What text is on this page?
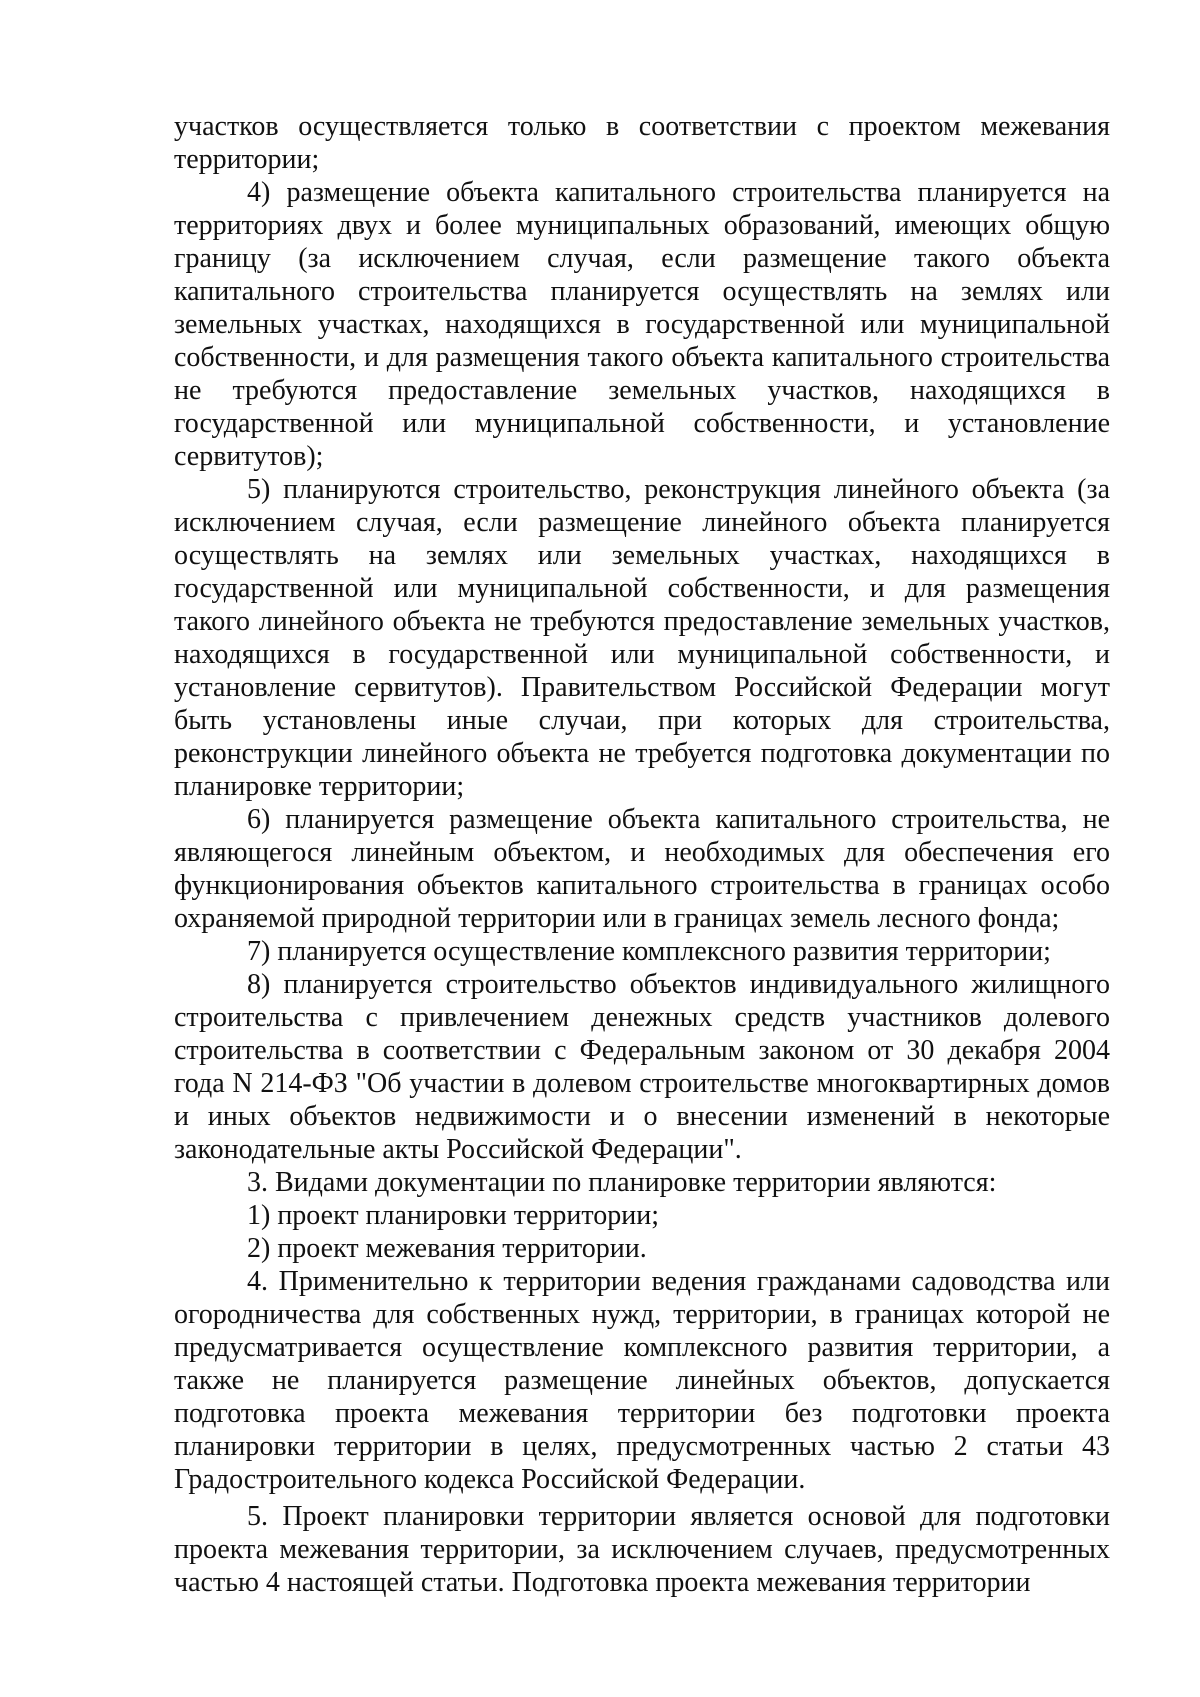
участков осуществляется только в соответствии с проектом межевания территории;

4) размещение объекта капитального строительства планируется на территориях двух и более муниципальных образований, имеющих общую границу (за исключением случая, если размещение такого объекта капитального строительства планируется осуществлять на землях или земельных участках, находящихся в государственной или муниципальной собственности, и для размещения такого объекта капитального строительства не требуются предоставление земельных участков, находящихся в государственной или муниципальной собственности, и установление сервитутов);

5) планируются строительство, реконструкция линейного объекта (за исключением случая, если размещение линейного объекта планируется осуществлять на землях или земельных участках, находящихся в государственной или муниципальной собственности, и для размещения такого линейного объекта не требуются предоставление земельных участков, находящихся в государственной или муниципальной собственности, и установление сервитутов). Правительством Российской Федерации могут быть установлены иные случаи, при которых для строительства, реконструкции линейного объекта не требуется подготовка документации по планировке территории;

6) планируется размещение объекта капитального строительства, не являющегося линейным объектом, и необходимых для обеспечения его функционирования объектов капитального строительства в границах особо охраняемой природной территории или в границах земель лесного фонда;

7) планируется осуществление комплексного развития территории;

8) планируется строительство объектов индивидуального жилищного строительства с привлечением денежных средств участников долевого строительства в соответствии с Федеральным законом от 30 декабря 2004 года N 214-ФЗ "Об участии в долевом строительстве многоквартирных домов и иных объектов недвижимости и о внесении изменений в некоторые законодательные акты Российской Федерации".

3. Видами документации по планировке территории являются:

1) проект планировки территории;

2) проект межевания территории.

4. Применительно к территории ведения гражданами садоводства или огородничества для собственных нужд, территории, в границах которой не предусматривается осуществление комплексного развития территории, а также не планируется размещение линейных объектов, допускается подготовка проекта межевания территории без подготовки проекта планировки территории в целях, предусмотренных частью 2 статьи 43 Градостроительного кодекса Российской Федерации.

5. Проект планировки территории является основой для подготовки проекта межевания территории, за исключением случаев, предусмотренных частью 4 настоящей статьи. Подготовка проекта межевания территории
